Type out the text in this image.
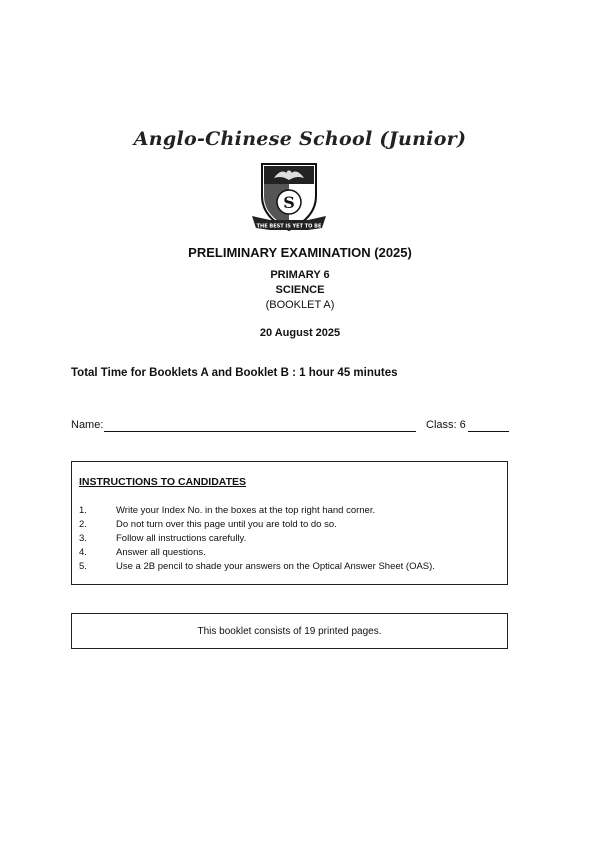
Anglo-Chinese School (Junior)
S
THE BEST IS YET TO BE
PRELIMINARY EXAMINATION (2025)
PRIMARY 6
SCIENCE
(BOOKLET A)
20 August 2025
Total Time for Booklets A and Booklet B : 1 hour 45 minutes
Name:	Class: 6
INSTRUCTIONS TO CANDIDATES
1.	Write your Index No. in the boxes at the top right hand corner.
2.	Do not turn over this page until you are told to do so.
3.	Follow all instructions carefully.
4.	Answer all questions.
5.	Use a 2B pencil to shade your answers on the Optical Answer Sheet (OAS).
This booklet consists of 19 printed pages.
